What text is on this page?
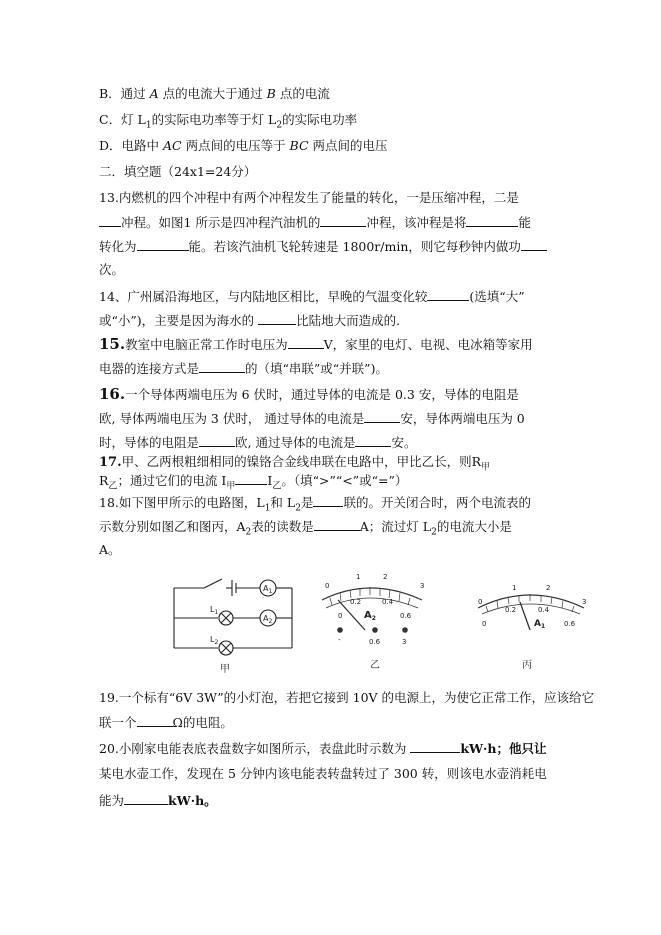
B．通过 A 点的电流大于通过 B 点的电流
C．灯 $L_1$的实际电功率等于灯 $L_2$的实际电功率
D．电路中 AC 两点间的电压等于 BC 两点间的电压
二．填空题（24x1=24分）
13.内燃机的四个冲程中有两个冲程发生了能量的转化，一是压缩冲程，二是
冲程。如图1 所示是四冲程汽油机的	冲程，该冲程是将	能
转化为	能。若该汽油机飞轮转速是 1800r/min，则它每秒钟内做功
次。
14、广州属沿海地区，与内陆地区相比，早晚的气温变化较	(选填“大”
或“小”)，主要是因为海水的	比陆地大而造成的.
15.教室中电脑正常工作时电压为	V，家里的电灯、电视、电冰箱等家用
电器的连接方式是	的（填“串联”或“并联”)。
16.一个导体两端电压为 6 伏时，通过导体的电流是 0.3 安，导体的电阻是
欧, 导体两端电压为 3 伏时， 通过导体的电流是	安，导体两端电压为 0
时，导体的电阻是	欧, 通过导体的电流是	安。
17.甲、乙两根粗细相同的镍铬合金线串联在电路中，甲比乙长，则$R_甲$
$R_乙$；通过它们的电流 $I_甲$	$I_乙$。（填“>”“<”或“=”）
18.如下图甲所示的电路图，$L_1$和 $L_2$是 联的。开关闭合时，两个电流表的
示数分别如图乙和图丙，$A_2$表的读数是	A；流过灯 $L_2$的电流大小是
A。
$A_1$
$A_2$
$L_1$
$L_2$
甲
0
1	2
3
0
0.2	0.4
0.6
-	0.6	3
$A_2$
乙
0
1	2
3
0
0.2	0.4
0.6
$A_1$
丙
19.一个标有“6V 3W”的小灯泡，若把它接到 10V 的电源上，为使它正常工作，应该给它
联一个	Ω的电阻。
20.小刚家电能表底表盘数字如图所示，表盘此时示数为	kW·h；他只让
某电水壶工作，发现在 5 分钟内该电能表转盘转过了 300 转，则该电水壶消耗电
能为	kW·h。
